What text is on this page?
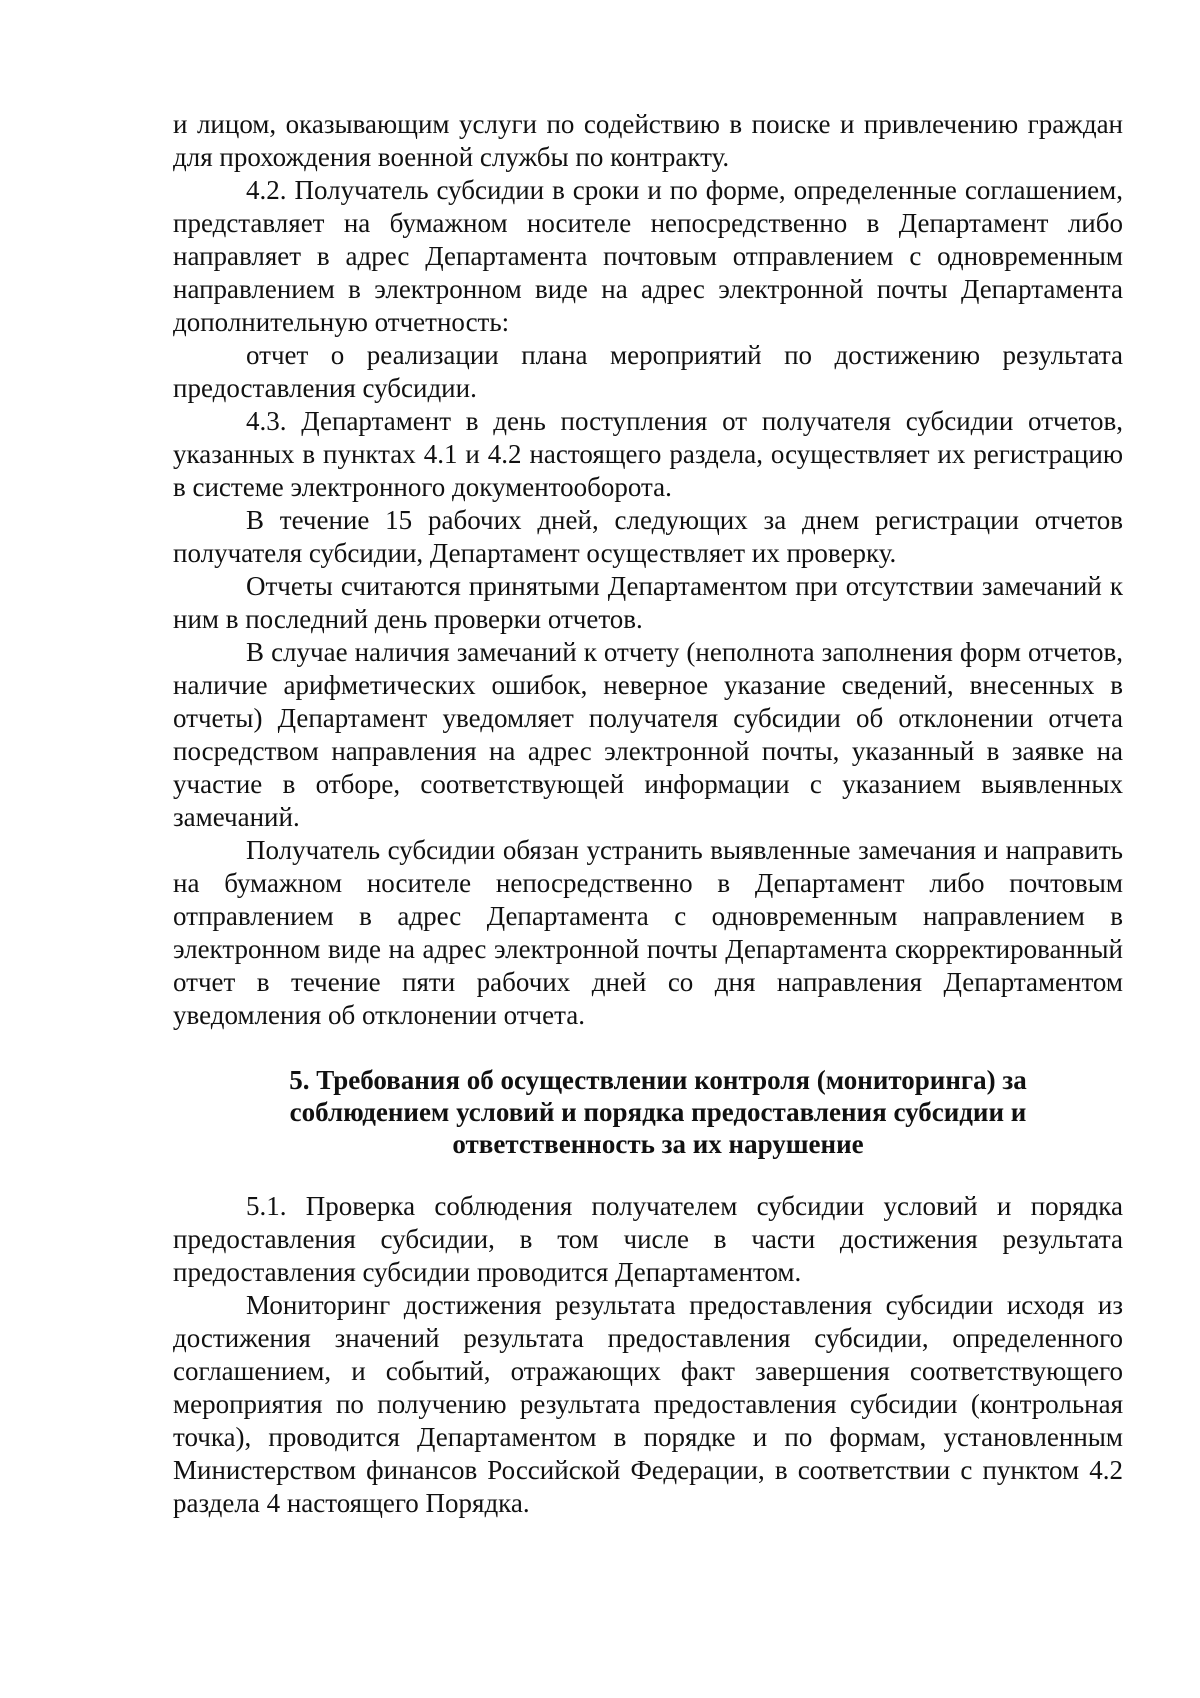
и лицом, оказывающим услуги по содействию в поиске и привлечению граждан для прохождения военной службы по контракту.

4.2. Получатель субсидии в сроки и по форме, определенные соглашением, представляет на бумажном носителе непосредственно в Департамент либо направляет в адрес Департамента почтовым отправлением с одновременным направлением в электронном виде на адрес электронной почты Департамента дополнительную отчетность:

отчет о реализации плана мероприятий по достижению результата предоставления субсидии.

4.3. Департамент в день поступления от получателя субсидии отчетов, указанных в пунктах 4.1 и 4.2 настоящего раздела, осуществляет их регистрацию в системе электронного документооборота.

В течение 15 рабочих дней, следующих за днем регистрации отчетов получателя субсидии, Департамент осуществляет их проверку.

Отчеты считаются принятыми Департаментом при отсутствии замечаний к ним в последний день проверки отчетов.

В случае наличия замечаний к отчету (неполнота заполнения форм отчетов, наличие арифметических ошибок, неверное указание сведений, внесенных в отчеты) Департамент уведомляет получателя субсидии об отклонении отчета посредством направления на адрес электронной почты, указанный в заявке на участие в отборе, соответствующей информации с указанием выявленных замечаний.

Получатель субсидии обязан устранить выявленные замечания и направить на бумажном носителе непосредственно в Департамент либо почтовым отправлением в адрес Департамента с одновременным направлением в электронном виде на адрес электронной почты Департамента скорректированный отчет в течение пяти рабочих дней со дня направления Департаментом уведомления об отклонении отчета.

5. Требования об осуществлении контроля (мониторинга) за
соблюдением условий и порядка предоставления субсидии и
ответственность за их нарушение

5.1. Проверка соблюдения получателем субсидии условий и порядка предоставления субсидии, в том числе в части достижения результата предоставления субсидии проводится Департаментом.

Мониторинг достижения результата предоставления субсидии исходя из достижения значений результата предоставления субсидии, определенного соглашением, и событий, отражающих факт завершения соответствующего мероприятия по получению результата предоставления субсидии (контрольная точка), проводится Департаментом в порядке и по формам, установленным Министерством финансов Российской Федерации, в соответствии с пунктом 4.2 раздела 4 настоящего Порядка.
